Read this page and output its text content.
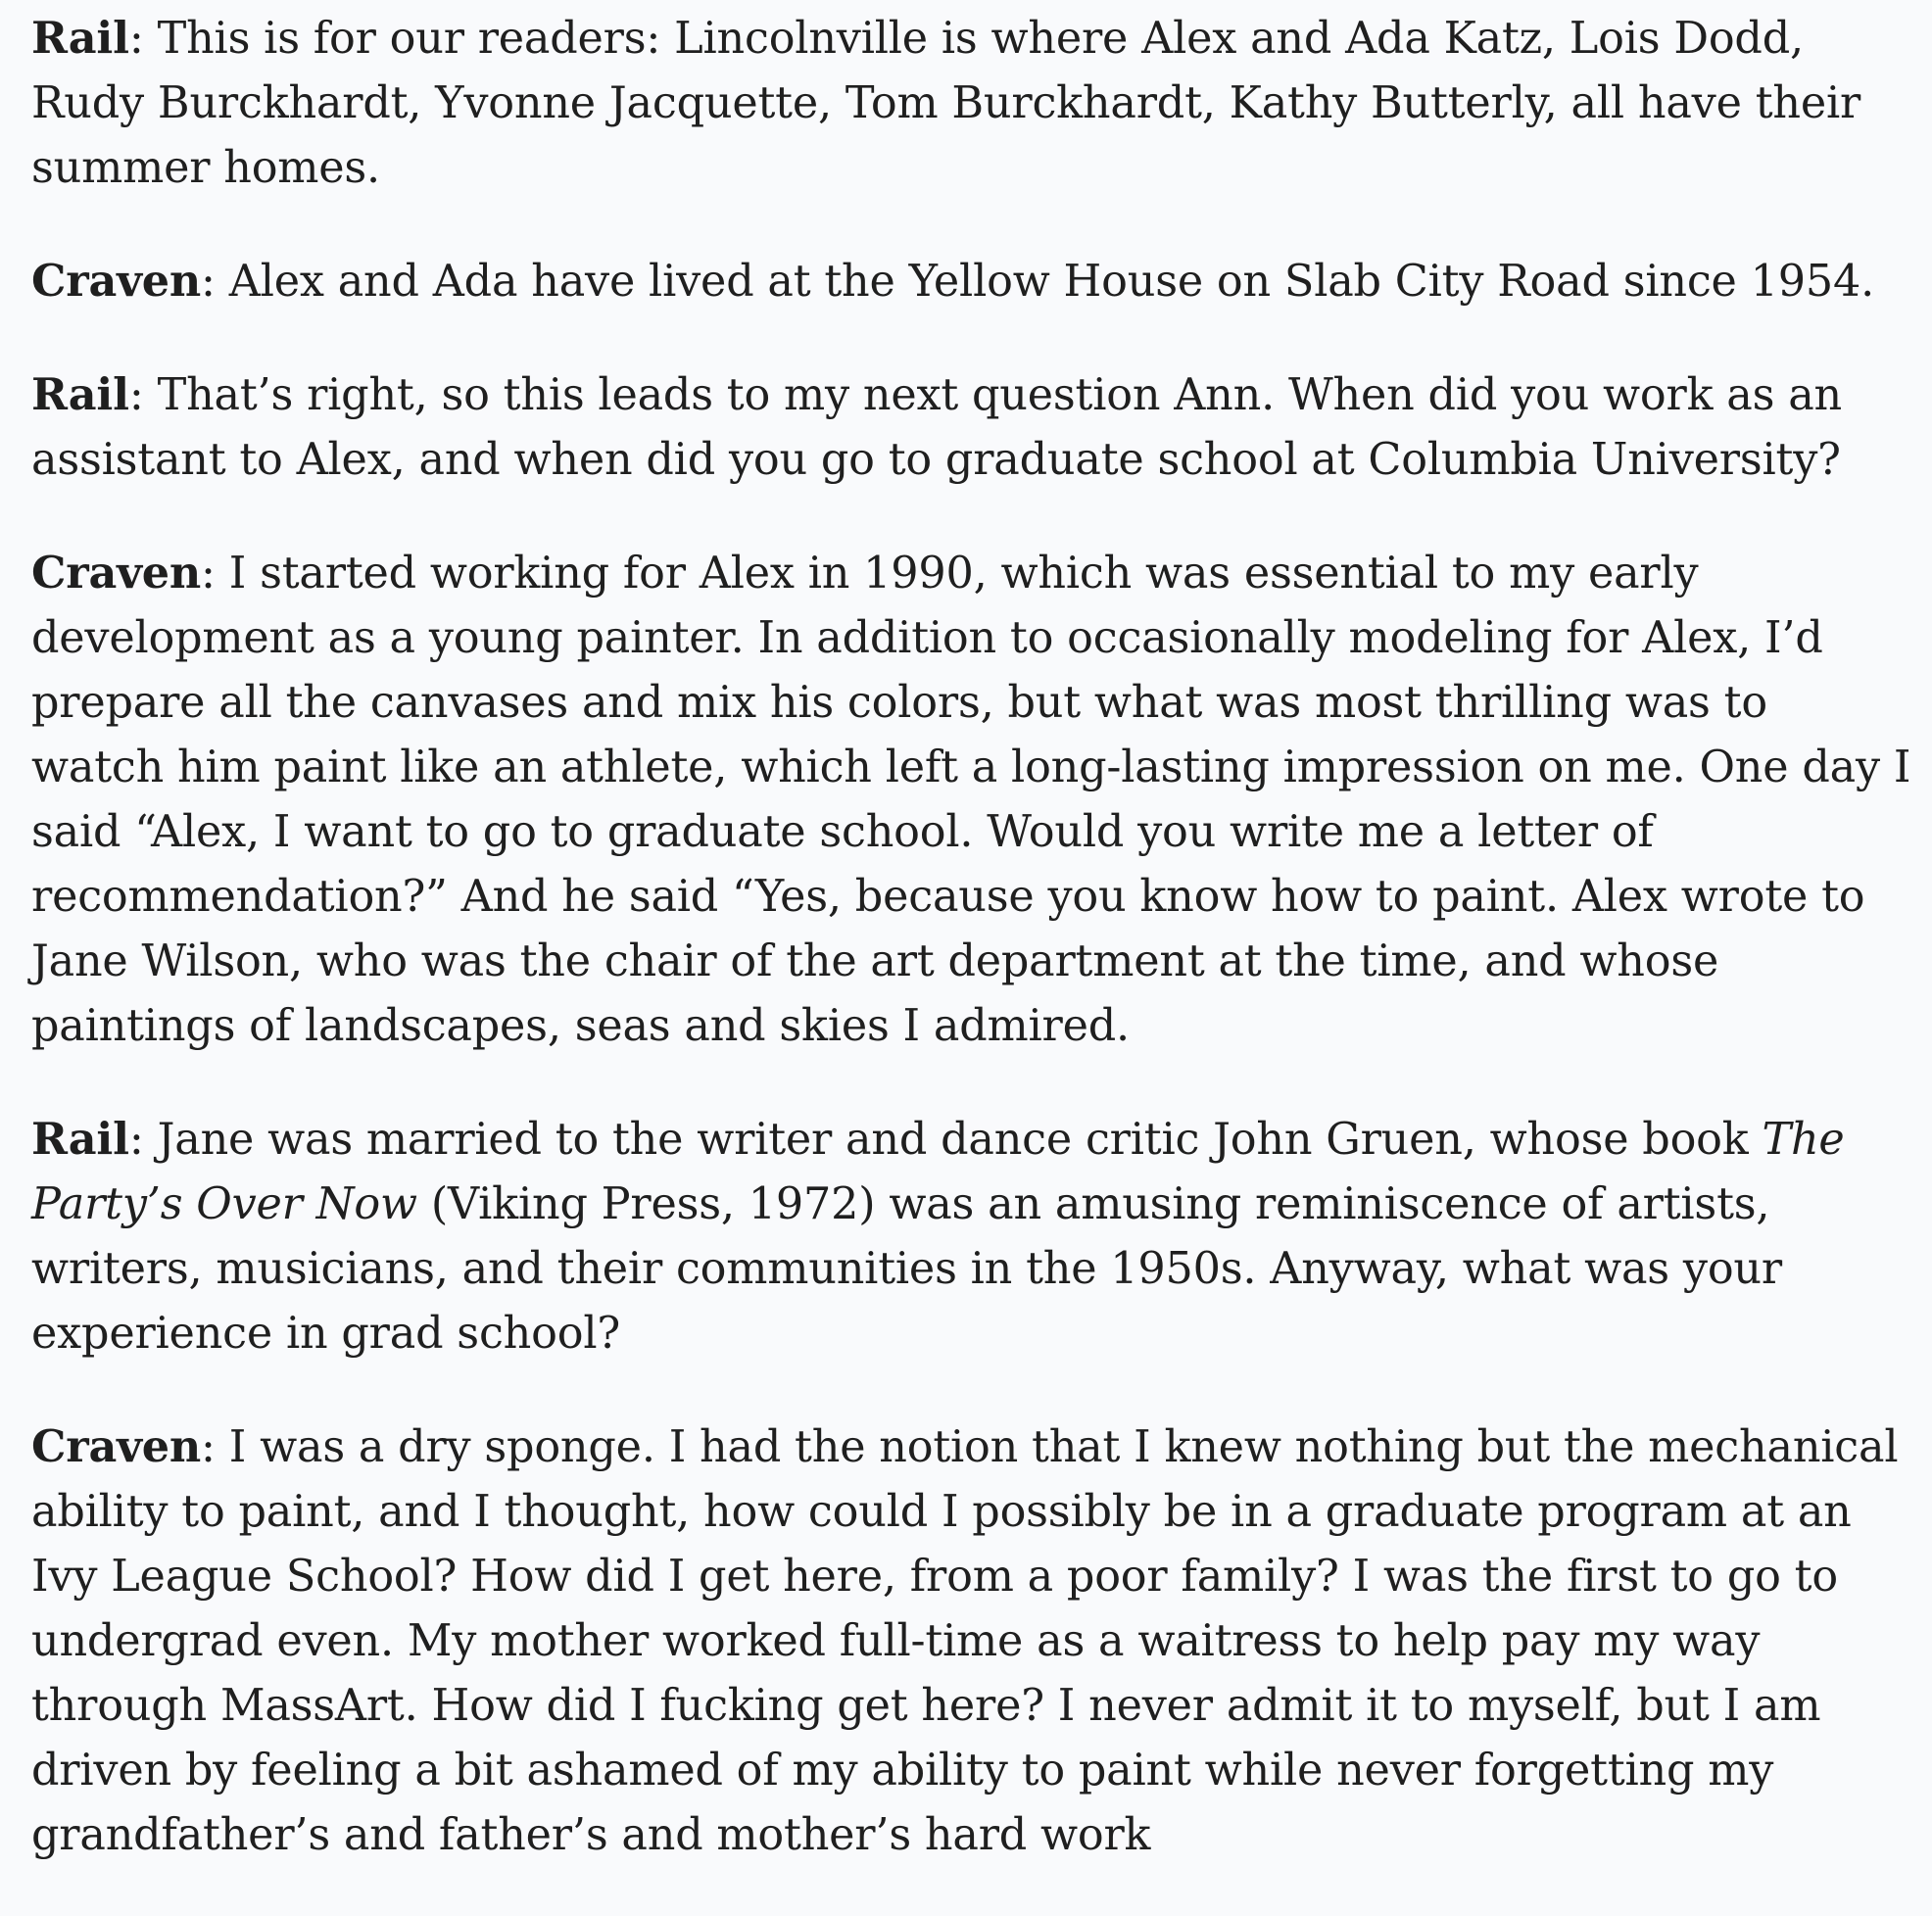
Rail: This is for our readers: Lincolnville is where Alex and Ada Katz, Lois Dodd, Rudy Burckhardt, Yvonne Jacquette, Tom Burckhardt, Kathy Butterly, all have their summer homes.

Craven: Alex and Ada have lived at the Yellow House on Slab City Road since 1954.

Rail: That’s right, so this leads to my next question Ann. When did you work as an assistant to Alex, and when did you go to graduate school at Columbia University?

Craven: I started working for Alex in 1990, which was essential to my early development as a young painter. In addition to occasionally modeling for Alex, I’d prepare all the canvases and mix his colors, but what was most thrilling was to watch him paint like an athlete, which left a long-lasting impression on me. One day I said “Alex, I want to go to graduate school. Would you write me a letter of recommendation?” And he said “Yes, because you know how to paint. Alex wrote to Jane Wilson, who was the chair of the art department at the time, and whose paintings of landscapes, seas and skies I admired.

Rail: Jane was married to the writer and dance critic John Gruen, whose book The Party’s Over Now (Viking Press, 1972) was an amusing reminiscence of artists, writers, musicians, and their communities in the 1950s. Anyway, what was your experience in grad school?

Craven: I was a dry sponge. I had the notion that I knew nothing but the mechanical ability to paint, and I thought, how could I possibly be in a graduate program at an Ivy League School? How did I get here, from a poor family? I was the first to go to undergrad even. My mother worked full-time as a waitress to help pay my way through MassArt. How did I fucking get here? I never admit it to myself, but I am driven by feeling a bit ashamed of my ability to paint while never forgetting my grandfather’s and father’s and mother’s hard work
